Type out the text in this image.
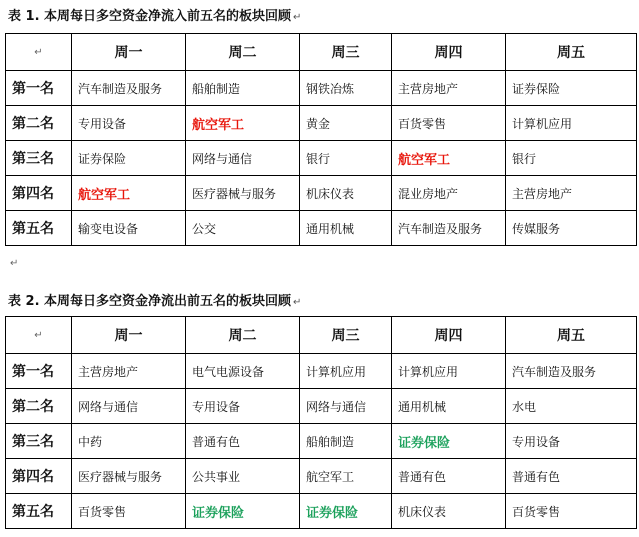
表 1. 本周每日多空资金净流入前五名的板块回顾 ↵
↵	周一	周二	周三	周四	周五
第一名	汽车制造及服务	船舶制造	钢铁冶炼	主营房地产	证券保险
第二名	专用设备	航空军工	黄金	百货零售	计算机应用
第三名	证券保险	网络与通信	银行	航空军工	银行
第四名	航空军工	医疗器械与服务	机床仪表	混业房地产	主营房地产
第五名	输变电设备	公交	通用机械	汽车制造及服务	传媒服务
↵
表 2. 本周每日多空资金净流出前五名的板块回顾 ↵
↵	周一	周二	周三	周四	周五
第一名	主营房地产	电气电源设备	计算机应用	计算机应用	汽车制造及服务
第二名	网络与通信	专用设备	网络与通信	通用机械	水电
第三名	中药	普通有色	船舶制造	证券保险	专用设备
第四名	医疗器械与服务	公共事业	航空军工	普通有色	普通有色
第五名	百货零售	证券保险	证券保险	机床仪表	百货零售
